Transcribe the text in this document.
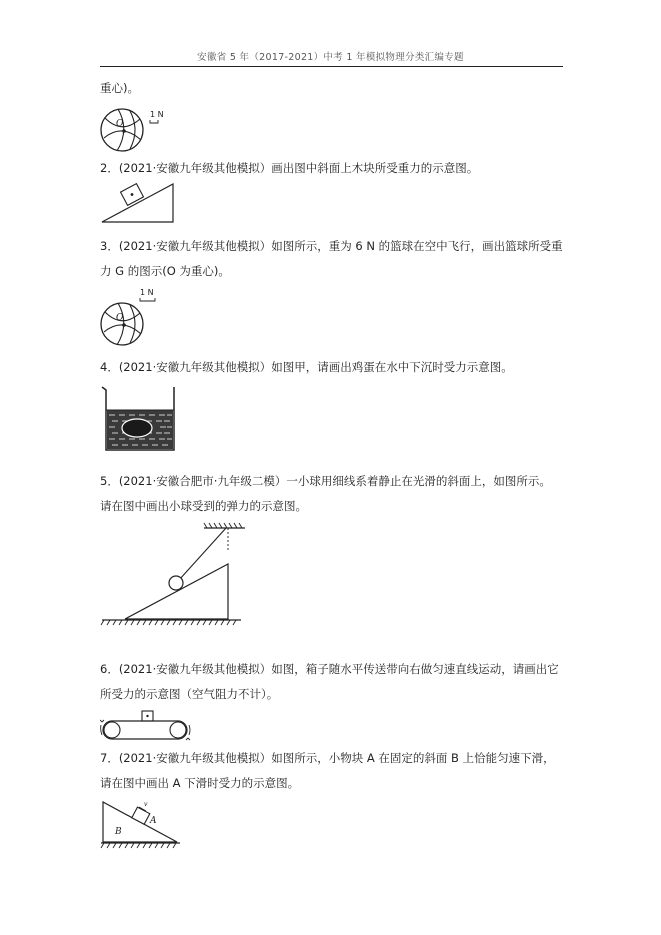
安徽省 5 年（2017-2021）中考 1 年模拟物理分类汇编专题
重心)。
O
1 N
2．(2021·安徽九年级其他模拟）画出图中斜面上木块所受重力的示意图。
3．(2021·安徽九年级其他模拟）如图所示，重为 6 N 的篮球在空中飞行，画出篮球所受重
力 G 的图示(O 为重心)。
O
1 N
4．(2021·安徽九年级其他模拟）如图甲，请画出鸡蛋在水中下沉时受力示意图。
5．(2021·安徽合肥市·九年级二模）一小球用细线系着静止在光滑的斜面上，如图所示。
请在图中画出小球受到的弹力的示意图。
6．(2021·安徽九年级其他模拟）如图，箱子随水平传送带向右做匀速直线运动，请画出它
所受力的示意图（空气阻力不计）。
7．(2021·安徽九年级其他模拟）如图所示，小物块 A 在固定的斜面 B 上恰能匀速下滑，
请在图中画出 A 下滑时受力的示意图。
A
B
v
